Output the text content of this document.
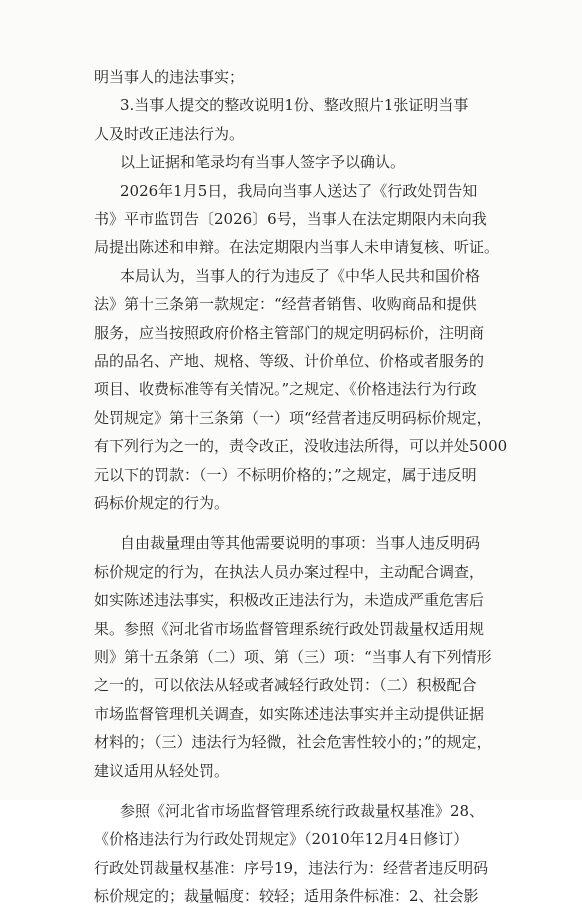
明当事人的违法事实；
3.当事人提交的整改说明1份、整改照片1张证明当事
人及时改正违法行为。
以上证据和笔录均有当事人签字予以确认。
2026年1月5日，我局向当事人送达了《行政处罚告知
书》平市监罚告〔2026〕6号，当事人在法定期限内未向我
局提出陈述和申辩。在法定期限内当事人未申请复核、听证。
本局认为，当事人的行为违反了《中华人民共和国价格
法》第十三条第一款规定：“经营者销售、收购商品和提供
服务，应当按照政府价格主管部门的规定明码标价，注明商
品的品名、产地、规格、等级、计价单位、价格或者服务的
项目、收费标准等有关情况。”之规定、《价格违法行为行政
处罚规定》第十三条第（一）项“经营者违反明码标价规定，
有下列行为之一的，责令改正，没收违法所得，可以并处5000
元以下的罚款：（一）不标明价格的；”之规定，属于违反明
码标价规定的行为。
自由裁量理由等其他需要说明的事项：当事人违反明码
标价规定的行为，在执法人员办案过程中，主动配合调查，
如实陈述违法事实，积极改正违法行为，未造成严重危害后
果。参照《河北省市场监督管理系统行政处罚裁量权适用规
则》第十五条第（二）项、第（三）项：“当事人有下列情形
之一的，可以依法从轻或者减轻行政处罚：（二）积极配合
市场监督管理机关调查，如实陈述违法事实并主动提供证据
材料的；（三）违法行为轻微，社会危害性较小的；”的规定，
建议适用从轻处罚。
参照《河北省市场监督管理系统行政裁量权基准》28、
《价格违法行为行政处罚规定》（2010年12月4日修订）
行政处罚裁量权基准：序号19，违法行为：经营者违反明码
标价规定的；裁量幅度：较轻；适用条件标准：2、社会影
